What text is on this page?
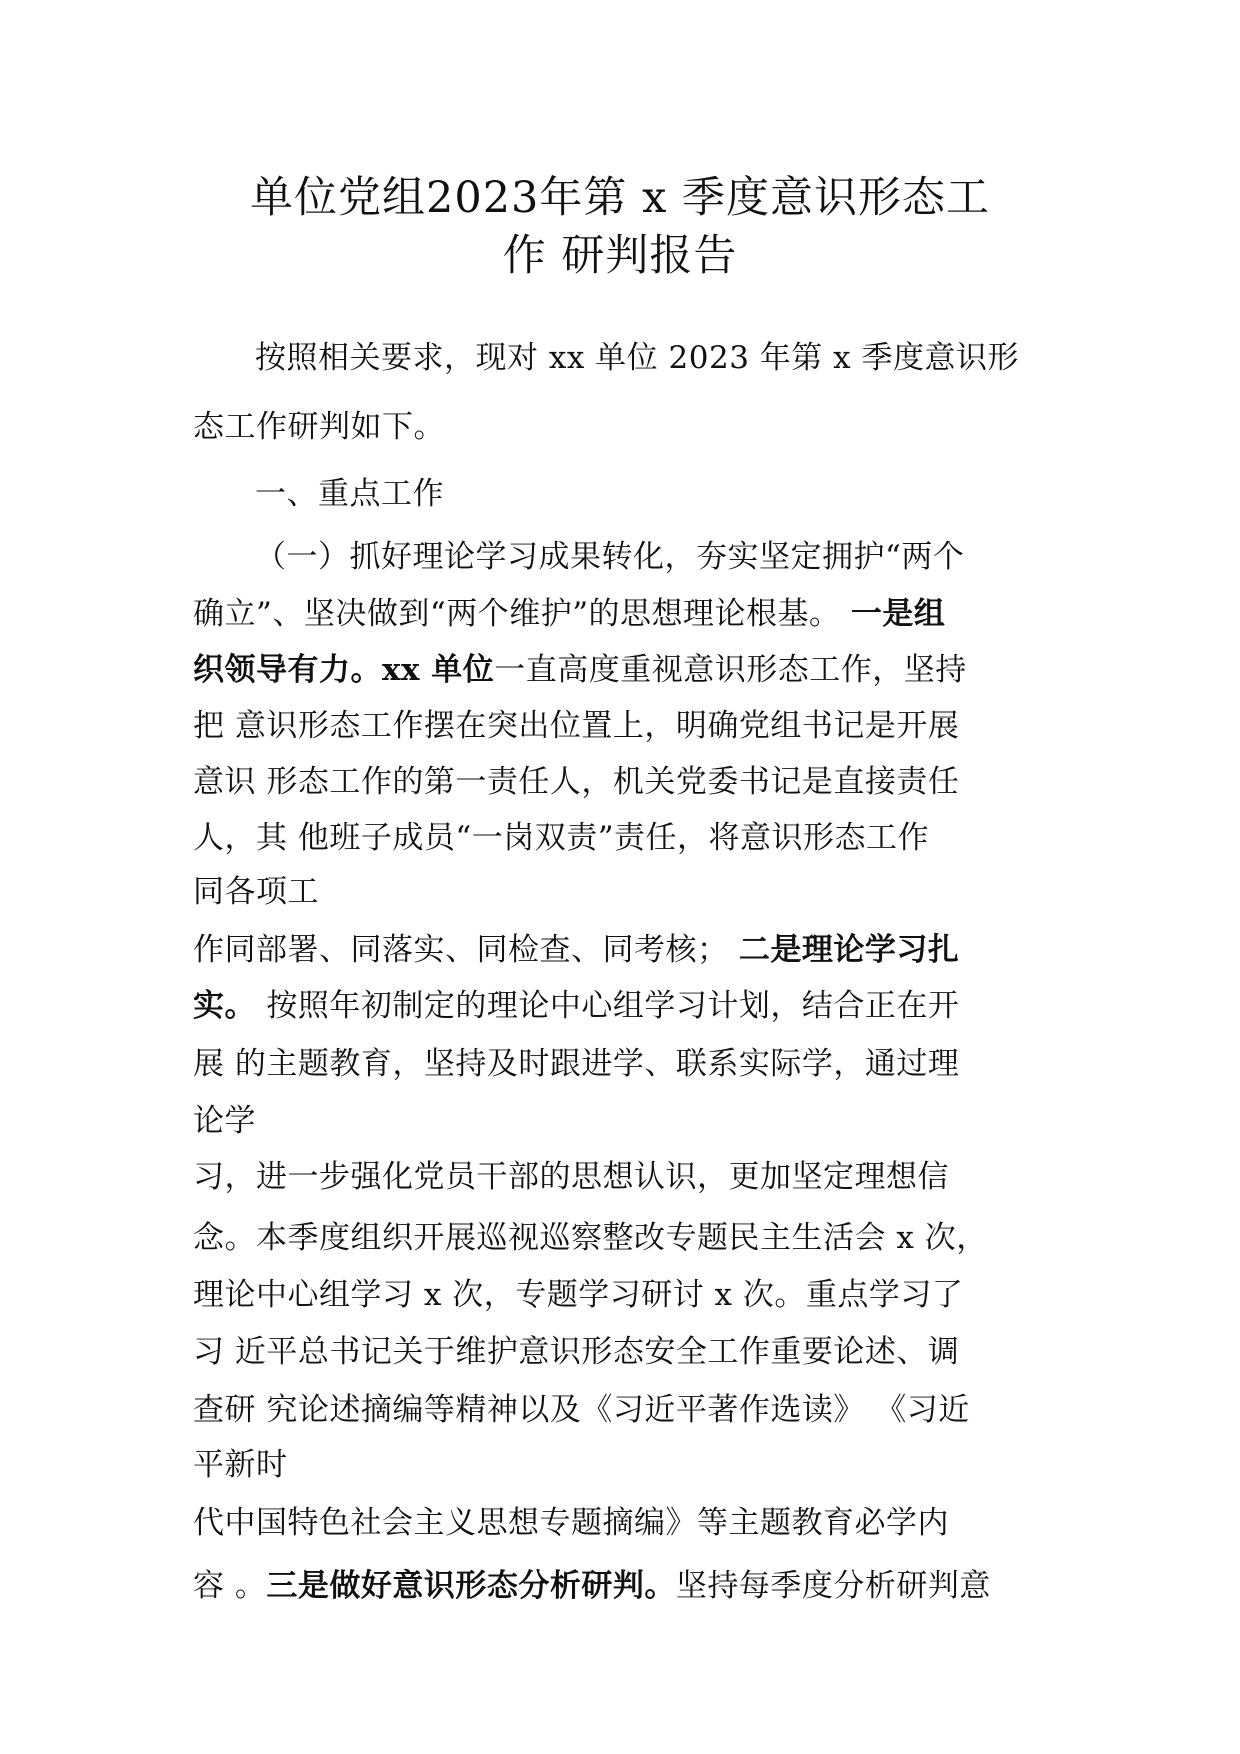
单位党组2023年第 x 季度意识形态工
作 研判报告
按照相关要求，现对 xx 单位 2023 年第 x 季度意识形
态工作研判如下。
一、重点工作
（一）抓好理论学习成果转化，夯实坚定拥护“两个
确立”、坚决做到“两个维护”的思想理论根基。 一是组
织领导有力。xx 单位一直高度重视意识形态工作，坚持
把 意识形态工作摆在突出位置上，明确党组书记是开展
意识 形态工作的第一责任人，机关党委书记是直接责任
人，其 他班子成员“一岗双责”责任，将意识形态工作
同各项工
作同部署、同落实、同检查、同考核； 二是理论学习扎
实。 按照年初制定的理论中心组学习计划，结合正在开
展 的主题教育，坚持及时跟进学、联系实际学，通过理
论学
习，进一步强化党员干部的思想认识，更加坚定理想信
念。本季度组织开展巡视巡察整改专题民主生活会 x 次，
理论中心组学习 x 次，专题学习研讨 x 次。重点学习了
习 近平总书记关于维护意识形态安全工作重要论述、调
查研 究论述摘编等精神以及《习近平著作选读》 《习近
平新时
代中国特色社会主义思想专题摘编》等主题教育必学内
容 。三是做好意识形态分析研判。坚持每季度分析研判意
